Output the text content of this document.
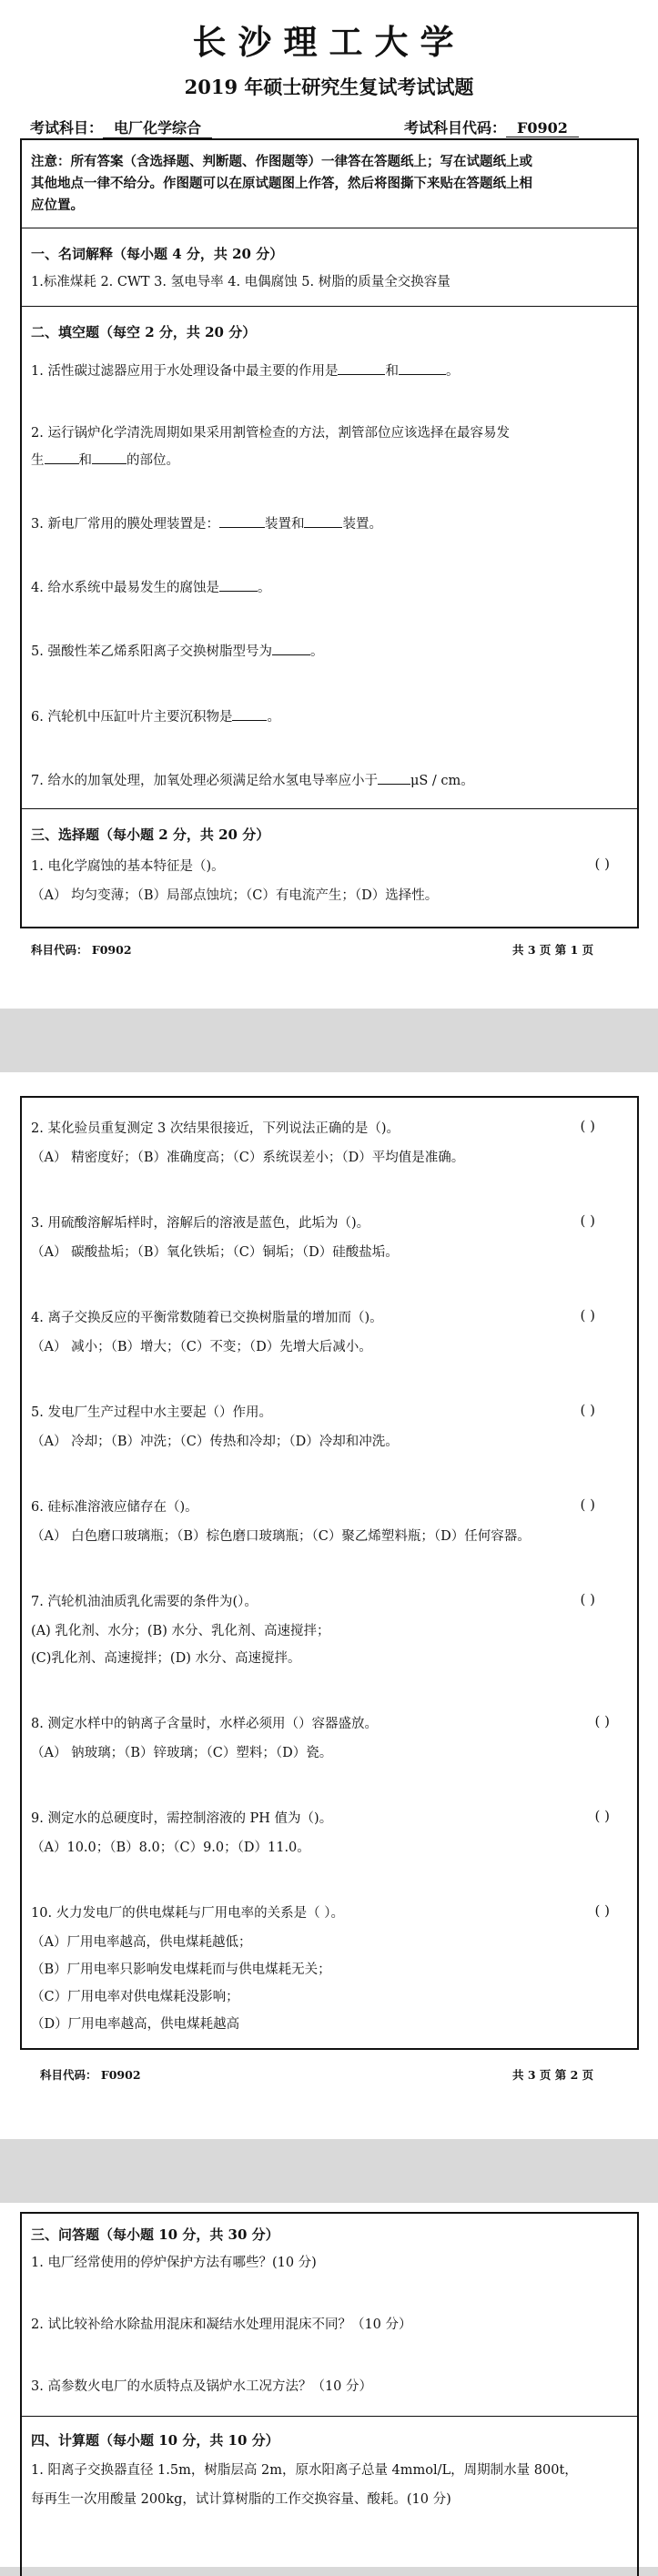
长沙理工大学
2019 年硕士研究生复试考试试题
考试科目： 电厂化学综合	考试科目代码： F0902
注意：所有答案（含选择题、判断题、作图题等）一律答在答题纸上；写在试题纸上或
其他地点一律不给分。作图题可以在原试题图上作答，然后将图撕下来贴在答题纸上相
应位置。
一、名词解释（每小题 4 分，共 20 分）
1.标准煤耗 2. CWT 3. 氢电导率 4. 电偶腐蚀 5. 树脂的质量全交换容量
二、填空题（每空 2 分，共 20 分）
1. 活性碳过滤器应用于水处理设备中最主要的作用是	和	。
2. 运行锅炉化学清洗周期如果采用割管检查的方法，割管部位应该选择在最容易发
生	和	的部位。
3. 新电厂常用的膜处理装置是：	装置和	装置。
4. 给水系统中最易发生的腐蚀是	。
5. 强酸性苯乙烯系阳离子交换树脂型号为	。
6. 汽轮机中压缸叶片主要沉积物是	。
7. 给水的加氧处理，加氧处理必须满足给水氢电导率应小于 μS / cm。
三、选择题（每小题 2 分，共 20 分）
1. 电化学腐蚀的基本特征是（)。	( )
（A） 均匀变薄；（B）局部点蚀坑；（C）有电流产生；（D）选择性。
科目代码： F0902	共 3 页 第 1 页
2. 某化验员重复测定 3 次结果很接近，下列说法正确的是（)。	( )
（A） 精密度好；（B）准确度高；（C）系统误差小；（D）平均值是准确。
3. 用硫酸溶解垢样时，溶解后的溶液是蓝色，此垢为（)。	( )
（A） 碳酸盐垢；（B）氧化铁垢；（C）铜垢；（D）硅酸盐垢。
4. 离子交换反应的平衡常数随着已交换树脂量的增加而（)。	( )
（A） 减小；（B）增大；（C）不变；（D）先增大后减小。
5. 发电厂生产过程中水主要起（）作用。	( )
（A） 冷却；（B）冲洗；（C）传热和冷却；（D）冷却和冲洗。
6. 硅标准溶液应储存在（)。	( )
（A） 白色磨口玻璃瓶；（B）棕色磨口玻璃瓶；（C）聚乙烯塑料瓶；（D）任何容器。
7. 汽轮机油油质乳化需要的条件为(）。	( )
(A) 乳化剂、水分；(B) 水分、乳化剂、高速搅拌；
(C)乳化剂、高速搅拌；(D) 水分、高速搅拌。
8. 测定水样中的钠离子含量时，水样必须用（）容器盛放。	( )
（A） 钠玻璃；（B）锌玻璃；（C）塑料；（D）瓷。
9. 测定水的总硬度时，需控制溶液的 PH 值为（)。	( )
（A）10.0；（B）8.0；（C）9.0；（D）11.0。
10. 火力发电厂的供电煤耗与厂用电率的关系是（ ）。	( )
（A）厂用电率越高，供电煤耗越低；
（B）厂用电率只影响发电煤耗而与供电煤耗无关；
（C）厂用电率对供电煤耗没影响；
（D）厂用电率越高，供电煤耗越高
科目代码： F0902	共 3 页 第 2 页
三、问答题（每小题 10 分，共 30 分）
1. 电厂经常使用的停炉保护方法有哪些？(10 分)
2. 试比较补给水除盐用混床和凝结水处理用混床不同？（10 分）
3. 高参数火电厂的水质特点及锅炉水工况方法？（10 分）
四、计算题（每小题 10 分，共 10 分）
1. 阳离子交换器直径 1.5m，树脂层高 2m，原水阳离子总量 4mmol/L，周期制水量 800t，
每再生一次用酸量 200kg，试计算树脂的工作交换容量、酸耗。(10 分)
